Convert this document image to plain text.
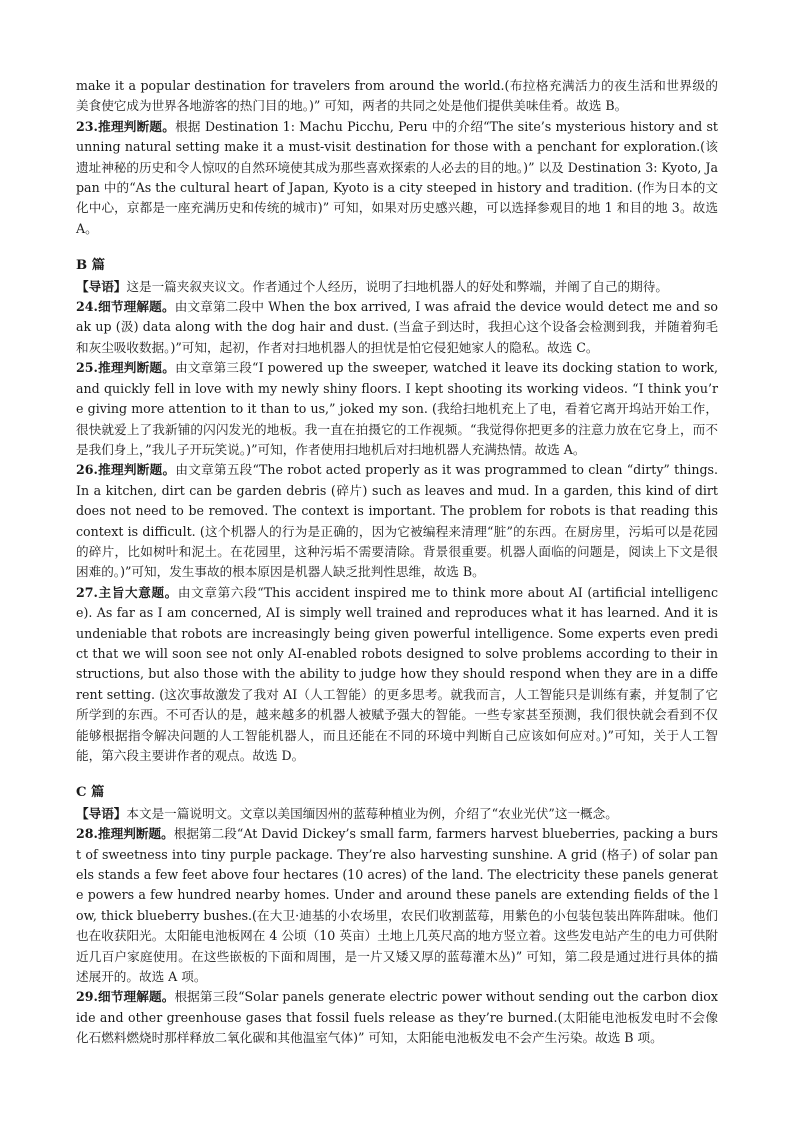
make it a popular destination for travelers from around the world.(布拉格充满活力的夜生活和世界级的美食使它成为世界各地游客的热门目的地。)” 可知，两者的共同之处是他们提供美味佳肴。故选 B。

23.推理判断题。根据 Destination 1: Machu Picchu, Peru 中的介绍“The site’s mysterious history and stunning natural setting make it a must-visit destination for those with a penchant for exploration.(该遗址神秘的历史和令人惊叹的自然环境使其成为那些喜欢探索的人必去的目的地。)” 以及 Destination 3: Kyoto, Japan 中的“As the cultural heart of Japan, Kyoto is a city steeped in history and tradition. (作为日本的文化中心，京都是一座充满历史和传统的城市)” 可知，如果对历史感兴趣，可以选择参观目的地 1 和目的地 3。故选 A。

B 篇

【导语】这是一篇夹叙夹议文。作者通过个人经历，说明了扫地机器人的好处和弊端，并阐了自己的期待。

24.细节理解题。由文章第二段中 When the box arrived, I was afraid the device would detect me and soak up (汲) data along with the dog hair and dust. (当盒子到达时，我担心这个设备会检测到我，并随着狗毛和灰尘吸收数据。)”可知，起初，作者对扫地机器人的担忧是怕它侵犯她家人的隐私。故选 C。

25.推理判断题。由文章第三段“I powered up the sweeper, watched it leave its docking station to work, and quickly fell in love with my newly shiny floors. I kept shooting its working videos. “I think you’re giving more attention to it than to us,” joked my son. (我给扫地机充上了电，看着它离开坞站开始工作，很快就爱上了我新铺的闪闪发光的地板。我一直在拍摄它的工作视频。“我觉得你把更多的注意力放在它身上，而不是我们身上，”我儿子开玩笑说。)”可知，作者使用扫地机后对扫地机器人充满热情。故选 A。

26.推理判断题。由文章第五段“The robot acted properly as it was programmed to clean “dirty” things. In a kitchen, dirt can be garden debris (碎片) such as leaves and mud. In a garden, this kind of dirt does not need to be removed. The context is important. The problem for robots is that reading this context is difficult. (这个机器人的行为是正确的，因为它被编程来清理“脏”的东西。在厨房里，污垢可以是花园的碎片，比如树叶和泥土。在花园里，这种污垢不需要清除。背景很重要。机器人面临的问题是，阅读上下文是很困难的。)”可知，发生事故的根本原因是机器人缺乏批判性思维，故选 B。

27.主旨大意题。由文章第六段“This accident inspired me to think more about AI (artificial intelligence). As far as I am concerned, AI is simply well trained and reproduces what it has learned. And it is undeniable that robots are increasingly being given powerful intelligence. Some experts even predict that we will soon see not only AI-enabled robots designed to solve problems according to their instructions, but also those with the ability to judge how they should respond when they are in a different setting. (这次事故激发了我对 AI（人工智能）的更多思考。就我而言，人工智能只是训练有素，并复制了它所学到的东西。不可否认的是，越来越多的机器人被赋予强大的智能。一些专家甚至预测，我们很快就会看到不仅能够根据指令解决问题的人工智能机器人，而且还能在不同的环境中判断自己应该如何应对。)”可知，关于人工智能，第六段主要讲作者的观点。故选 D。

C 篇

【导语】本文是一篇说明文。文章以美国缅因州的蓝莓种植业为例，介绍了“农业光伏”这一概念。

28.推理判断题。根据第二段“At David Dickey’s small farm, farmers harvest blueberries, packing a burst of sweetness into tiny purple package. They’re also harvesting sunshine. A grid (格子) of solar panels stands a few feet above four hectares (10 acres) of the land. The electricity these panels generate powers a few hundred nearby homes. Under and around these panels are extending fields of the low, thick blueberry bushes.(在大卫·迪基的小农场里，农民们收割蓝莓，用紫色的小包装包装出阵阵甜味。他们也在收获阳光。太阳能电池板网在 4 公顷（10 英亩）土地上几英尺高的地方竖立着。这些发电站产生的电力可供附近几百户家庭使用。在这些嵌板的下面和周围，是一片又矮又厚的蓝莓灌木丛)” 可知，第二段是通过进行具体的描述展开的。故选 A 项。

29.细节理解题。根据第三段“Solar panels generate electric power without sending out the carbon dioxide and other greenhouse gases that fossil fuels release as they’re burned.(太阳能电池板发电时不会像化石燃料燃烧时那样释放二氧化碳和其他温室气体)” 可知，太阳能电池板发电不会产生污染。故选 B 项。
